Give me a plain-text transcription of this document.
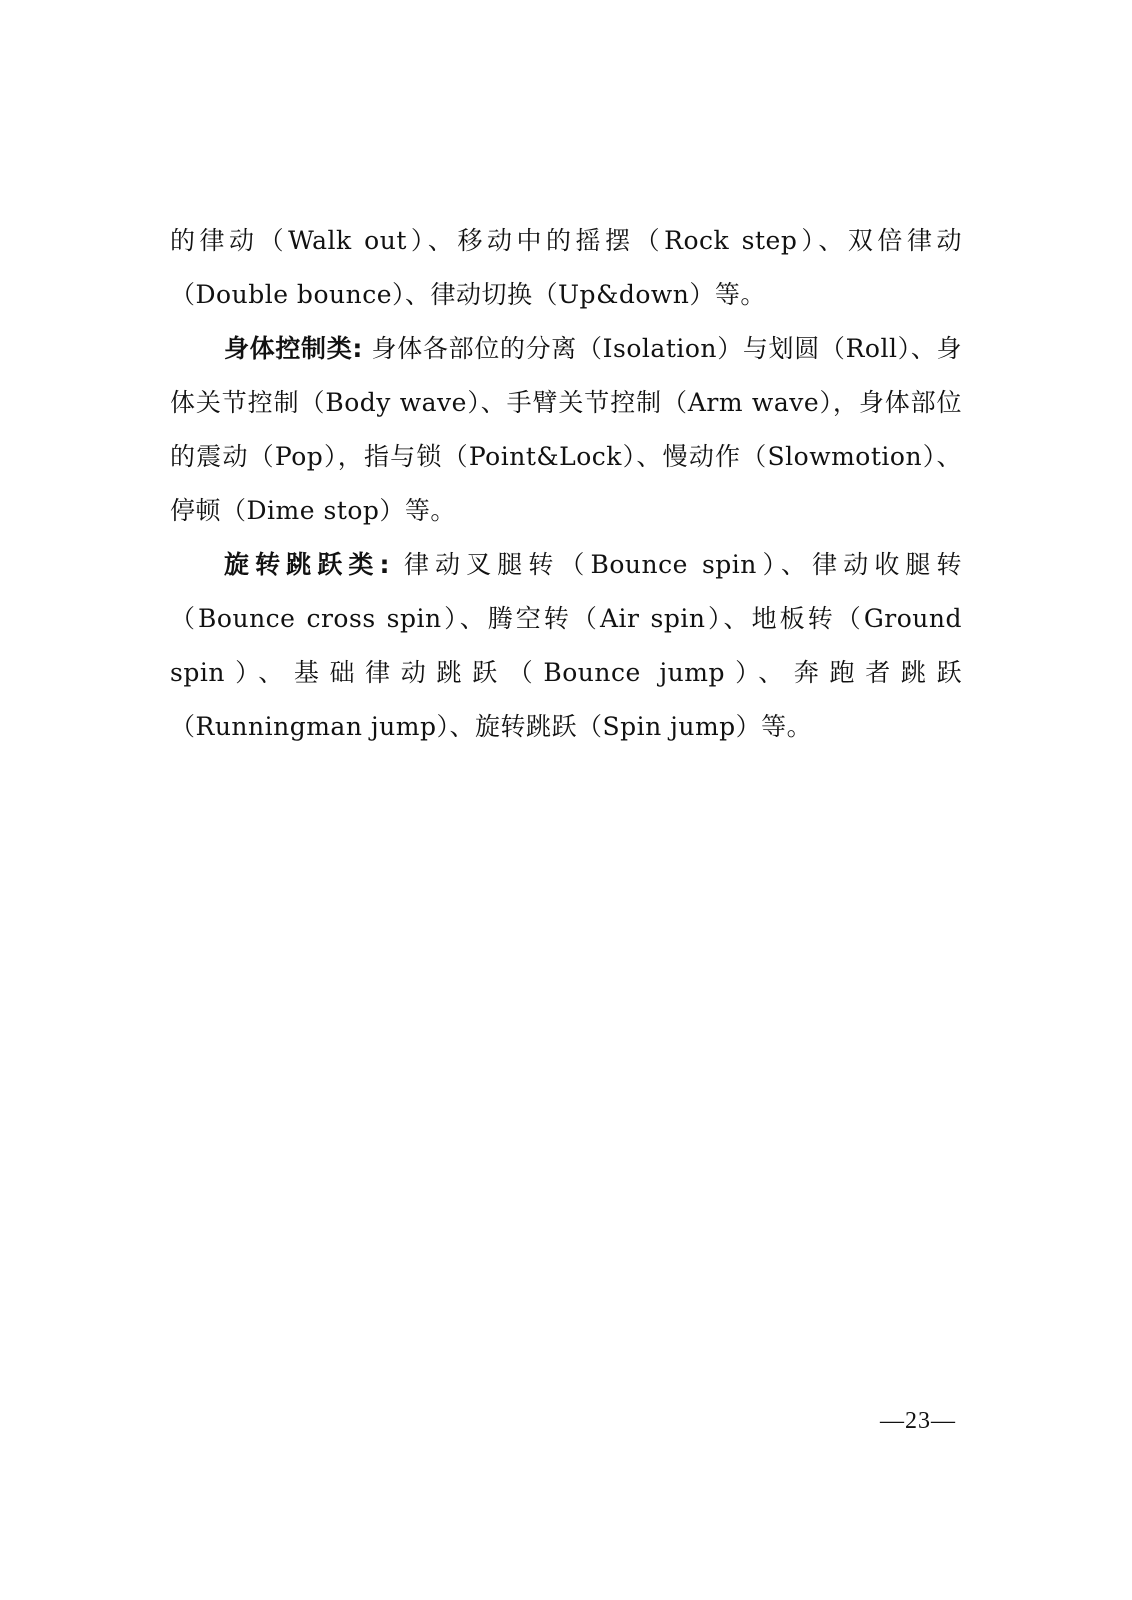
的律动（Walk out）、移动中的摇摆（Rock step）、双倍律动（Double bounce）、律动切换（Up&down）等。

身体控制类: 身体各部位的分离（Isolation）与划圆（Roll）、身体关节控制（Body wave）、手臂关节控制（Arm wave），身体部位的震动（Pop），指与锁（Point&Lock）、慢动作（Slowmotion）、停顿（Dime stop）等。

旋转跳跃类: 律动叉腿转（Bounce spin）、律动收腿转（Bounce cross spin）、腾空转（Air spin）、地板转（Ground spin）、基础律动跳跃（Bounce jump）、奔跑者跳跃（Runningman jump）、旋转跳跃（Spin jump）等。

—23—
